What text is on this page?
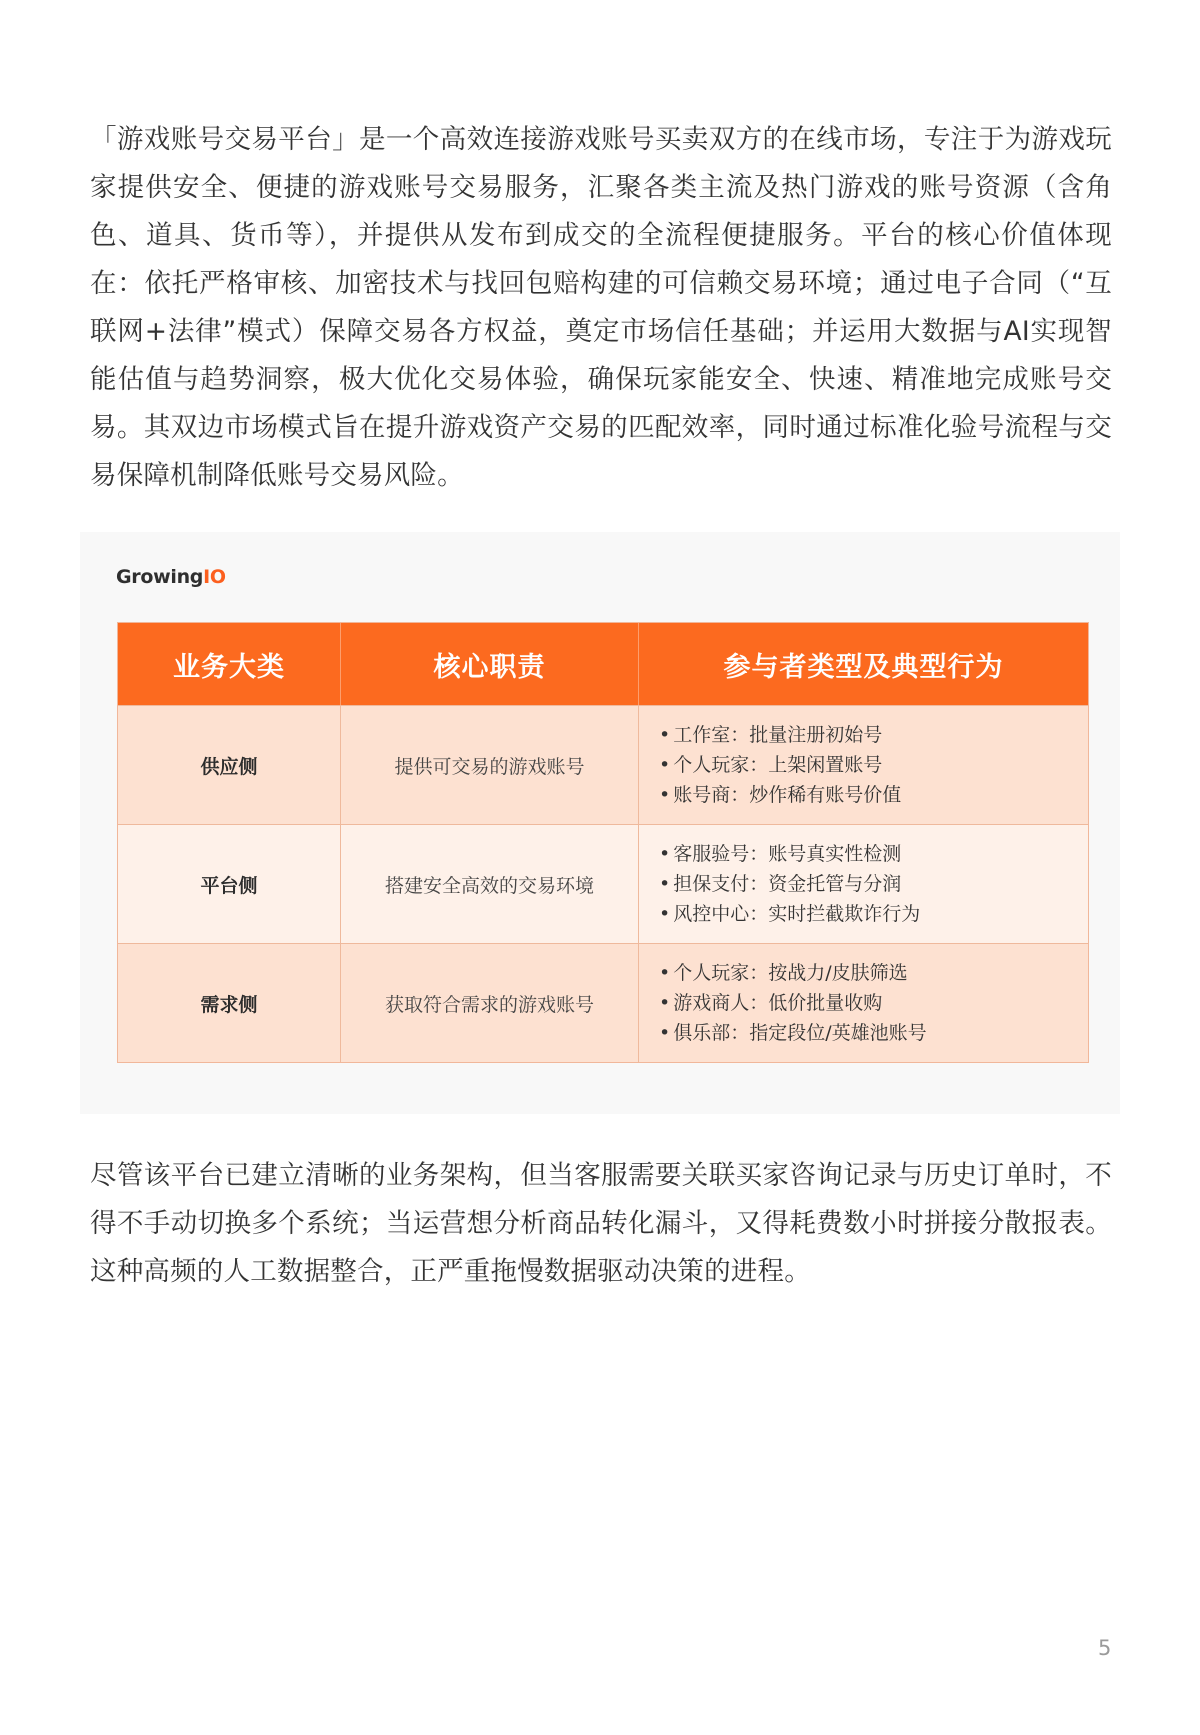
「游戏账号交易平台」是一个高效连接游戏账号买卖双方的在线市场，专注于为游戏玩家提供安全、便捷的游戏账号交易服务，汇聚各类主流及热门游戏的账号资源（含角色、道具、货币等），并提供从发布到成交的全流程便捷服务。平台的核心价值体现在：依托严格审核、加密技术与找回包赔构建的可信赖交易环境；通过电子合同（“互联网+法律”模式）保障交易各方权益，奠定市场信任基础；并运用大数据与AI实现智能估值与趋势洞察，极大优化交易体验，确保玩家能安全、快速、精准地完成账号交易。其双边市场模式旨在提升游戏资产交易的匹配效率，同时通过标准化验号流程与交易保障机制降低账号交易风险。

GrowingIO
业务大类	核心职责	参与者类型及典型行为
供应侧	提供可交易的游戏账号
• 工作室：批量注册初始号
• 个人玩家：上架闲置账号
• 账号商：炒作稀有账号价值
平台侧	搭建安全高效的交易环境
• 客服验号：账号真实性检测
• 担保支付：资金托管与分润
• 风控中心：实时拦截欺诈行为
需求侧	获取符合需求的游戏账号
• 个人玩家：按战力/皮肤筛选
• 游戏商人：低价批量收购
• 俱乐部：指定段位/英雄池账号

尽管该平台已建立清晰的业务架构，但当客服需要关联买家咨询记录与历史订单时，不得不手动切换多个系统；当运营想分析商品转化漏斗，又得耗费数小时拼接分散报表。这种高频的人工数据整合，正严重拖慢数据驱动决策的进程。

5
